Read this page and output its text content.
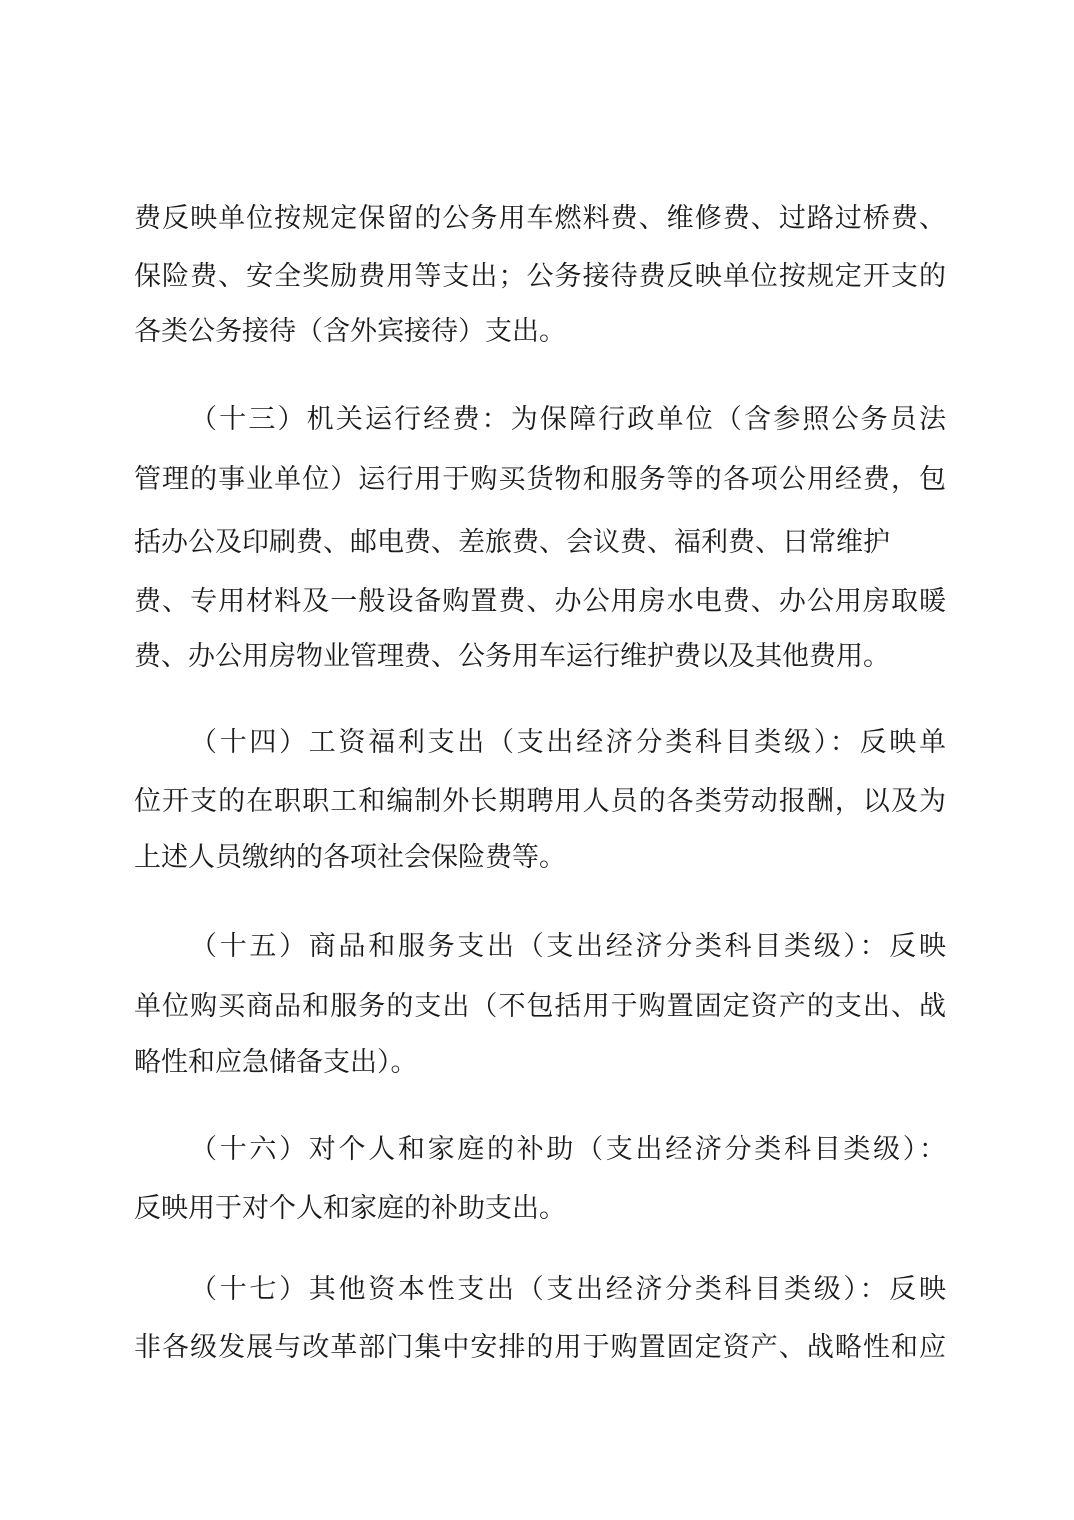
费反映单位按规定保留的公务用车燃料费、维修费、过路过桥费、
保险费、安全奖励费用等支出；公务接待费反映单位按规定开支的
各类公务接待（含外宾接待）支出。
（十三）机关运行经费：为保障行政单位（含参照公务员法
管理的事业单位）运行用于购买货物和服务等的各项公用经费，包
括办公及印刷费、邮电费、差旅费、会议费、福利费、日常维护
费、专用材料及一般设备购置费、办公用房水电费、办公用房取暖
费、办公用房物业管理费、公务用车运行维护费以及其他费用。
（十四）工资福利支出（支出经济分类科目类级）：反映单
位开支的在职职工和编制外长期聘用人员的各类劳动报酬，以及为
上述人员缴纳的各项社会保险费等。
（十五）商品和服务支出（支出经济分类科目类级）：反映
单位购买商品和服务的支出（不包括用于购置固定资产的支出、战
略性和应急储备支出）。
（十六）对个人和家庭的补助（支出经济分类科目类级）：
反映用于对个人和家庭的补助支出。
（十七）其他资本性支出（支出经济分类科目类级）：反映
非各级发展与改革部门集中安排的用于购置固定资产、战略性和应
